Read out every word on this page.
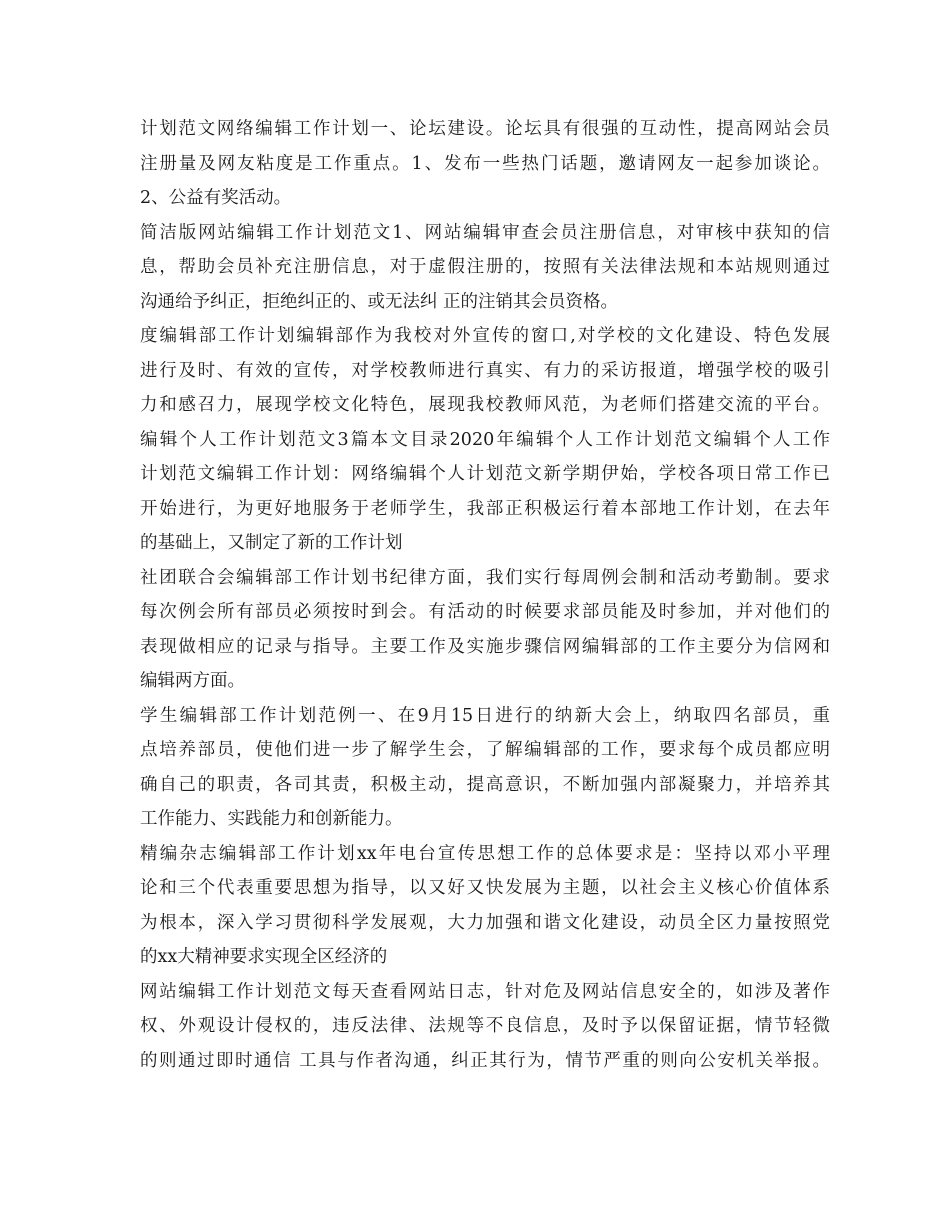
计划范文网络编辑工作计划一、论坛建设。论坛具有很强的互动性，提高网站会员
注册量及网友粘度是工作重点。1、发布一些热门话题，邀请网友一起参加谈论。
2、公益有奖活动。
简洁版网站编辑工作计划范文1、网站编辑审查会员注册信息，对审核中获知的信
息，帮助会员补充注册信息，对于虚假注册的，按照有关法律法规和本站规则通过
沟通给予纠正，拒绝纠正的、或无法纠 正的注销其会员资格。
度编辑部工作计划编辑部作为我校对外宣传的窗口,对学校的文化建设、特色发展
进行及时、有效的宣传，对学校教师进行真实、有力的采访报道，增强学校的吸引
力和感召力，展现学校文化特色，展现我校教师风范，为老师们搭建交流的平台。
编辑个人工作计划范文3篇本文目录2020年编辑个人工作计划范文编辑个人工作
计划范文编辑工作计划：网络编辑个人计划范文新学期伊始，学校各项日常工作已
开始进行，为更好地服务于老师学生，我部正积极运行着本部地工作计划，在去年
的基础上，又制定了新的工作计划
社团联合会编辑部工作计划书纪律方面，我们实行每周例会制和活动考勤制。要求
每次例会所有部员必须按时到会。有活动的时候要求部员能及时参加，并对他们的
表现做相应的记录与指导。主要工作及实施步骤信网编辑部的工作主要分为信网和
编辑两方面。
学生编辑部工作计划范例一、在9月15日进行的纳新大会上，纳取四名部员，重
点培养部员，使他们进一步了解学生会，了解编辑部的工作，要求每个成员都应明
确自己的职责，各司其责，积极主动，提高意识，不断加强内部凝聚力，并培养其
工作能力、实践能力和创新能力。
精编杂志编辑部工作计划xx年电台宣传思想工作的总体要求是：坚持以邓小平理
论和三个代表重要思想为指导，以又好又快发展为主题，以社会主义核心价值体系
为根本，深入学习贯彻科学发展观，大力加强和谐文化建设，动员全区力量按照党
的xx大精神要求实现全区经济的
网站编辑工作计划范文每天查看网站日志，针对危及网站信息安全的，如涉及著作
权、外观设计侵权的，违反法律、法规等不良信息，及时予以保留证据，情节轻微
的则通过即时通信 工具与作者沟通，纠正其行为，情节严重的则向公安机关举报。
